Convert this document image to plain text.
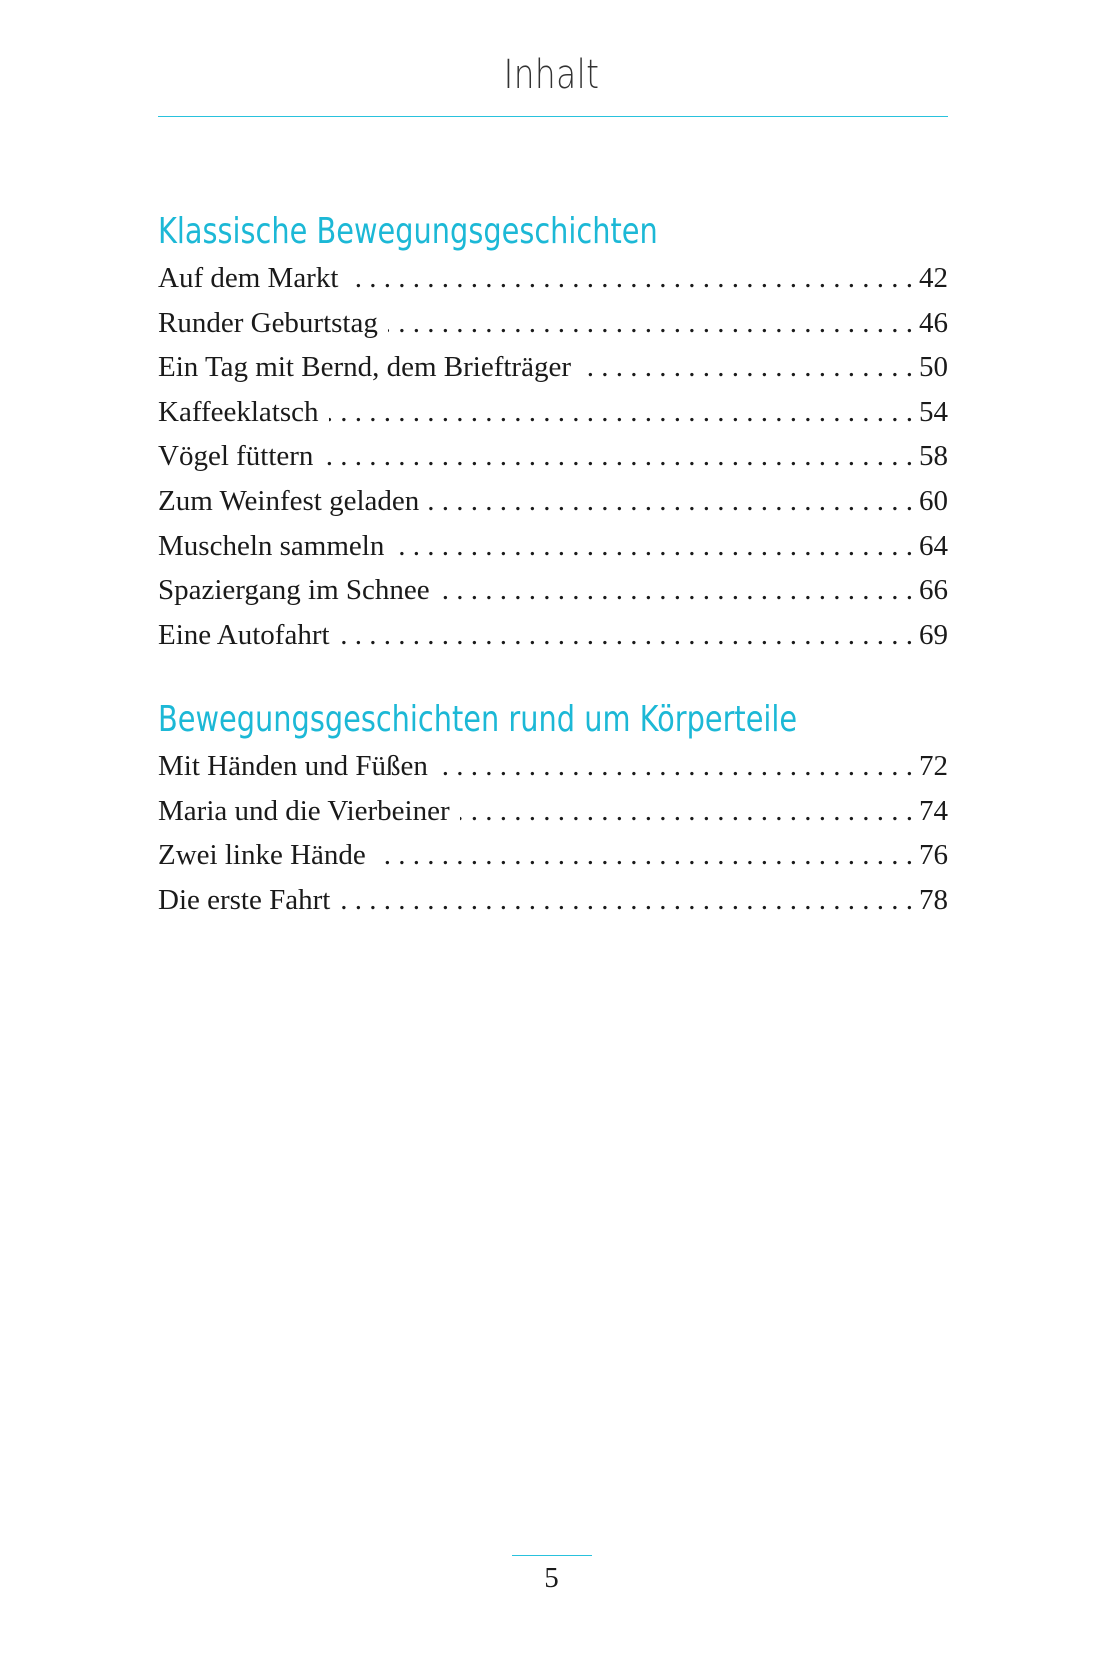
Inhalt
Klassische Bewegungsgeschichten
Auf dem Markt . . .	42
Runder Geburtstag . . .	46
Ein Tag mit Bernd, dem Briefträger . . .	50
Kaffeeklatsch . . .	54
Vögel füttern . . .	58
Zum Weinfest geladen . . .	60
Muscheln sammeln . . .	64
Spaziergang im Schnee . . .	66
Eine Autofahrt . . .	69
Bewegungsgeschichten rund um Körperteile
Mit Händen und Füßen . . .	72
Maria und die Vierbeiner . . .	74
Zwei linke Hände . . .	76
Die erste Fahrt . . .	78
5
